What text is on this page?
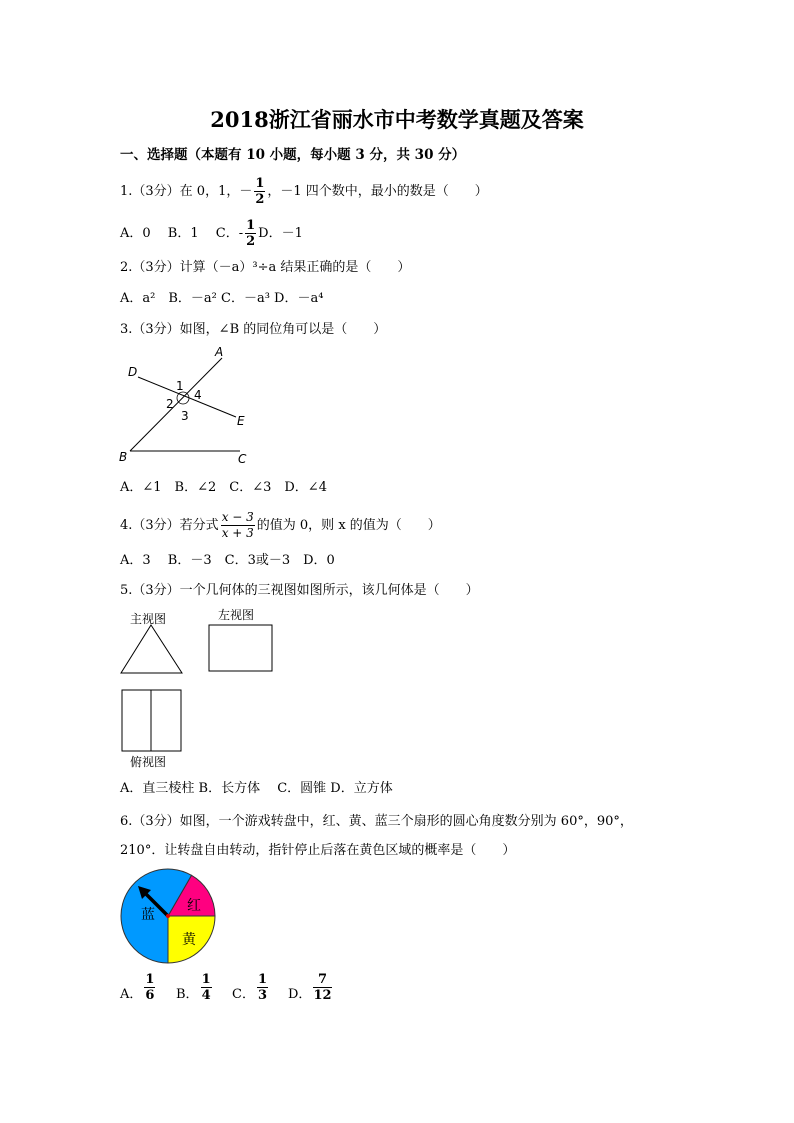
2018浙江省丽水市中考数学真题及答案
一、选择题（本题有 10 小题，每小题 3 分，共 30 分）
1.（3分）在 0，1，－ $\frac{1}{2}$ ，－1 四个数中，最小的数是（　　）
A．0　 B．1　 C． - $\frac{1}{2}$ D．－1
2.（3分）计算（－a）³÷a 结果正确的是（　　）
A．a²　B．－a² C．－a³ D．－a⁴
3.（3分）如图，∠B 的同位角可以是（　　）
D
A
1
2
4
3	E
B	C
A．∠1　B．∠2　C．∠3　D．∠4
4.（3分）若分式 $\frac{x - 3}{x + 3}$ 的值为 0，则 x 的值为（　　）
A．3　 B．－3　C．3或－3　D．0
5.（3分）一个几何体的三视图如图所示，该几何体是（　　）
主视图	左视图
俯视图
A．直三棱柱 B．长方体　 C．圆锥 D．立方体
6.（3分）如图，一个游戏转盘中，红、黄、蓝三个扇形的圆心角度数分别为 60°，90°，
210°．让转盘自由转动，指针停止后落在黄色区域的概率是（　　）
红
黄
蓝
A． $\frac{1}{6}$ B． $\frac{1}{4}$ C． $\frac{1}{3}$ D． $\frac{7}{12}$
